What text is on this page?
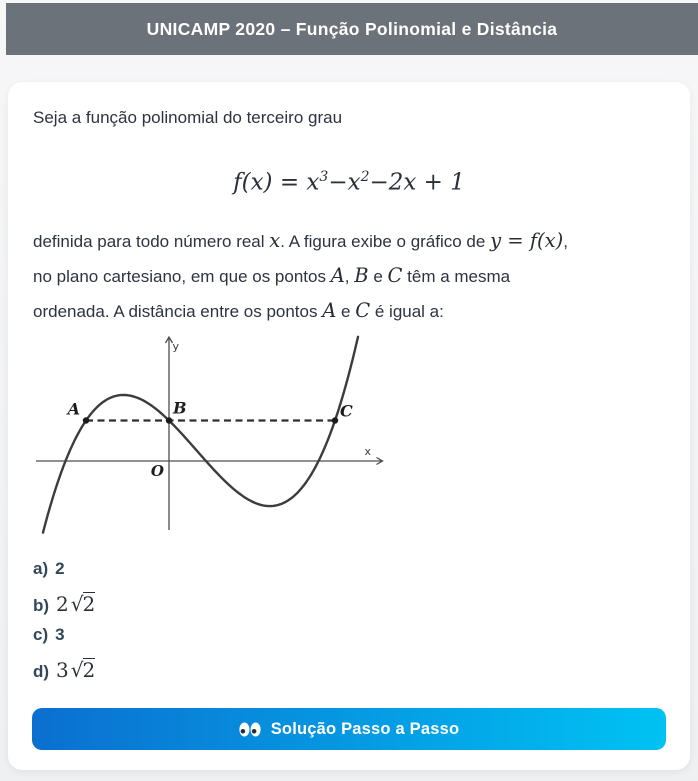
UNICAMP 2020 – Função Polinomial e Distância

Seja a função polinomial do terceiro grau

$f(x) = x^3-x^2-2x + 1$

definida para todo número real x. A figura exibe o gráfico de y = f(x),
no plano cartesiano, em que os pontos A, B e C têm a mesma
ordenada. A distância entre os pontos A e C é igual a:

x
y
O
A	B	C
a) 2
b) 2 √2
c) 3
d) 3 √2
Solução Passo a Passo
